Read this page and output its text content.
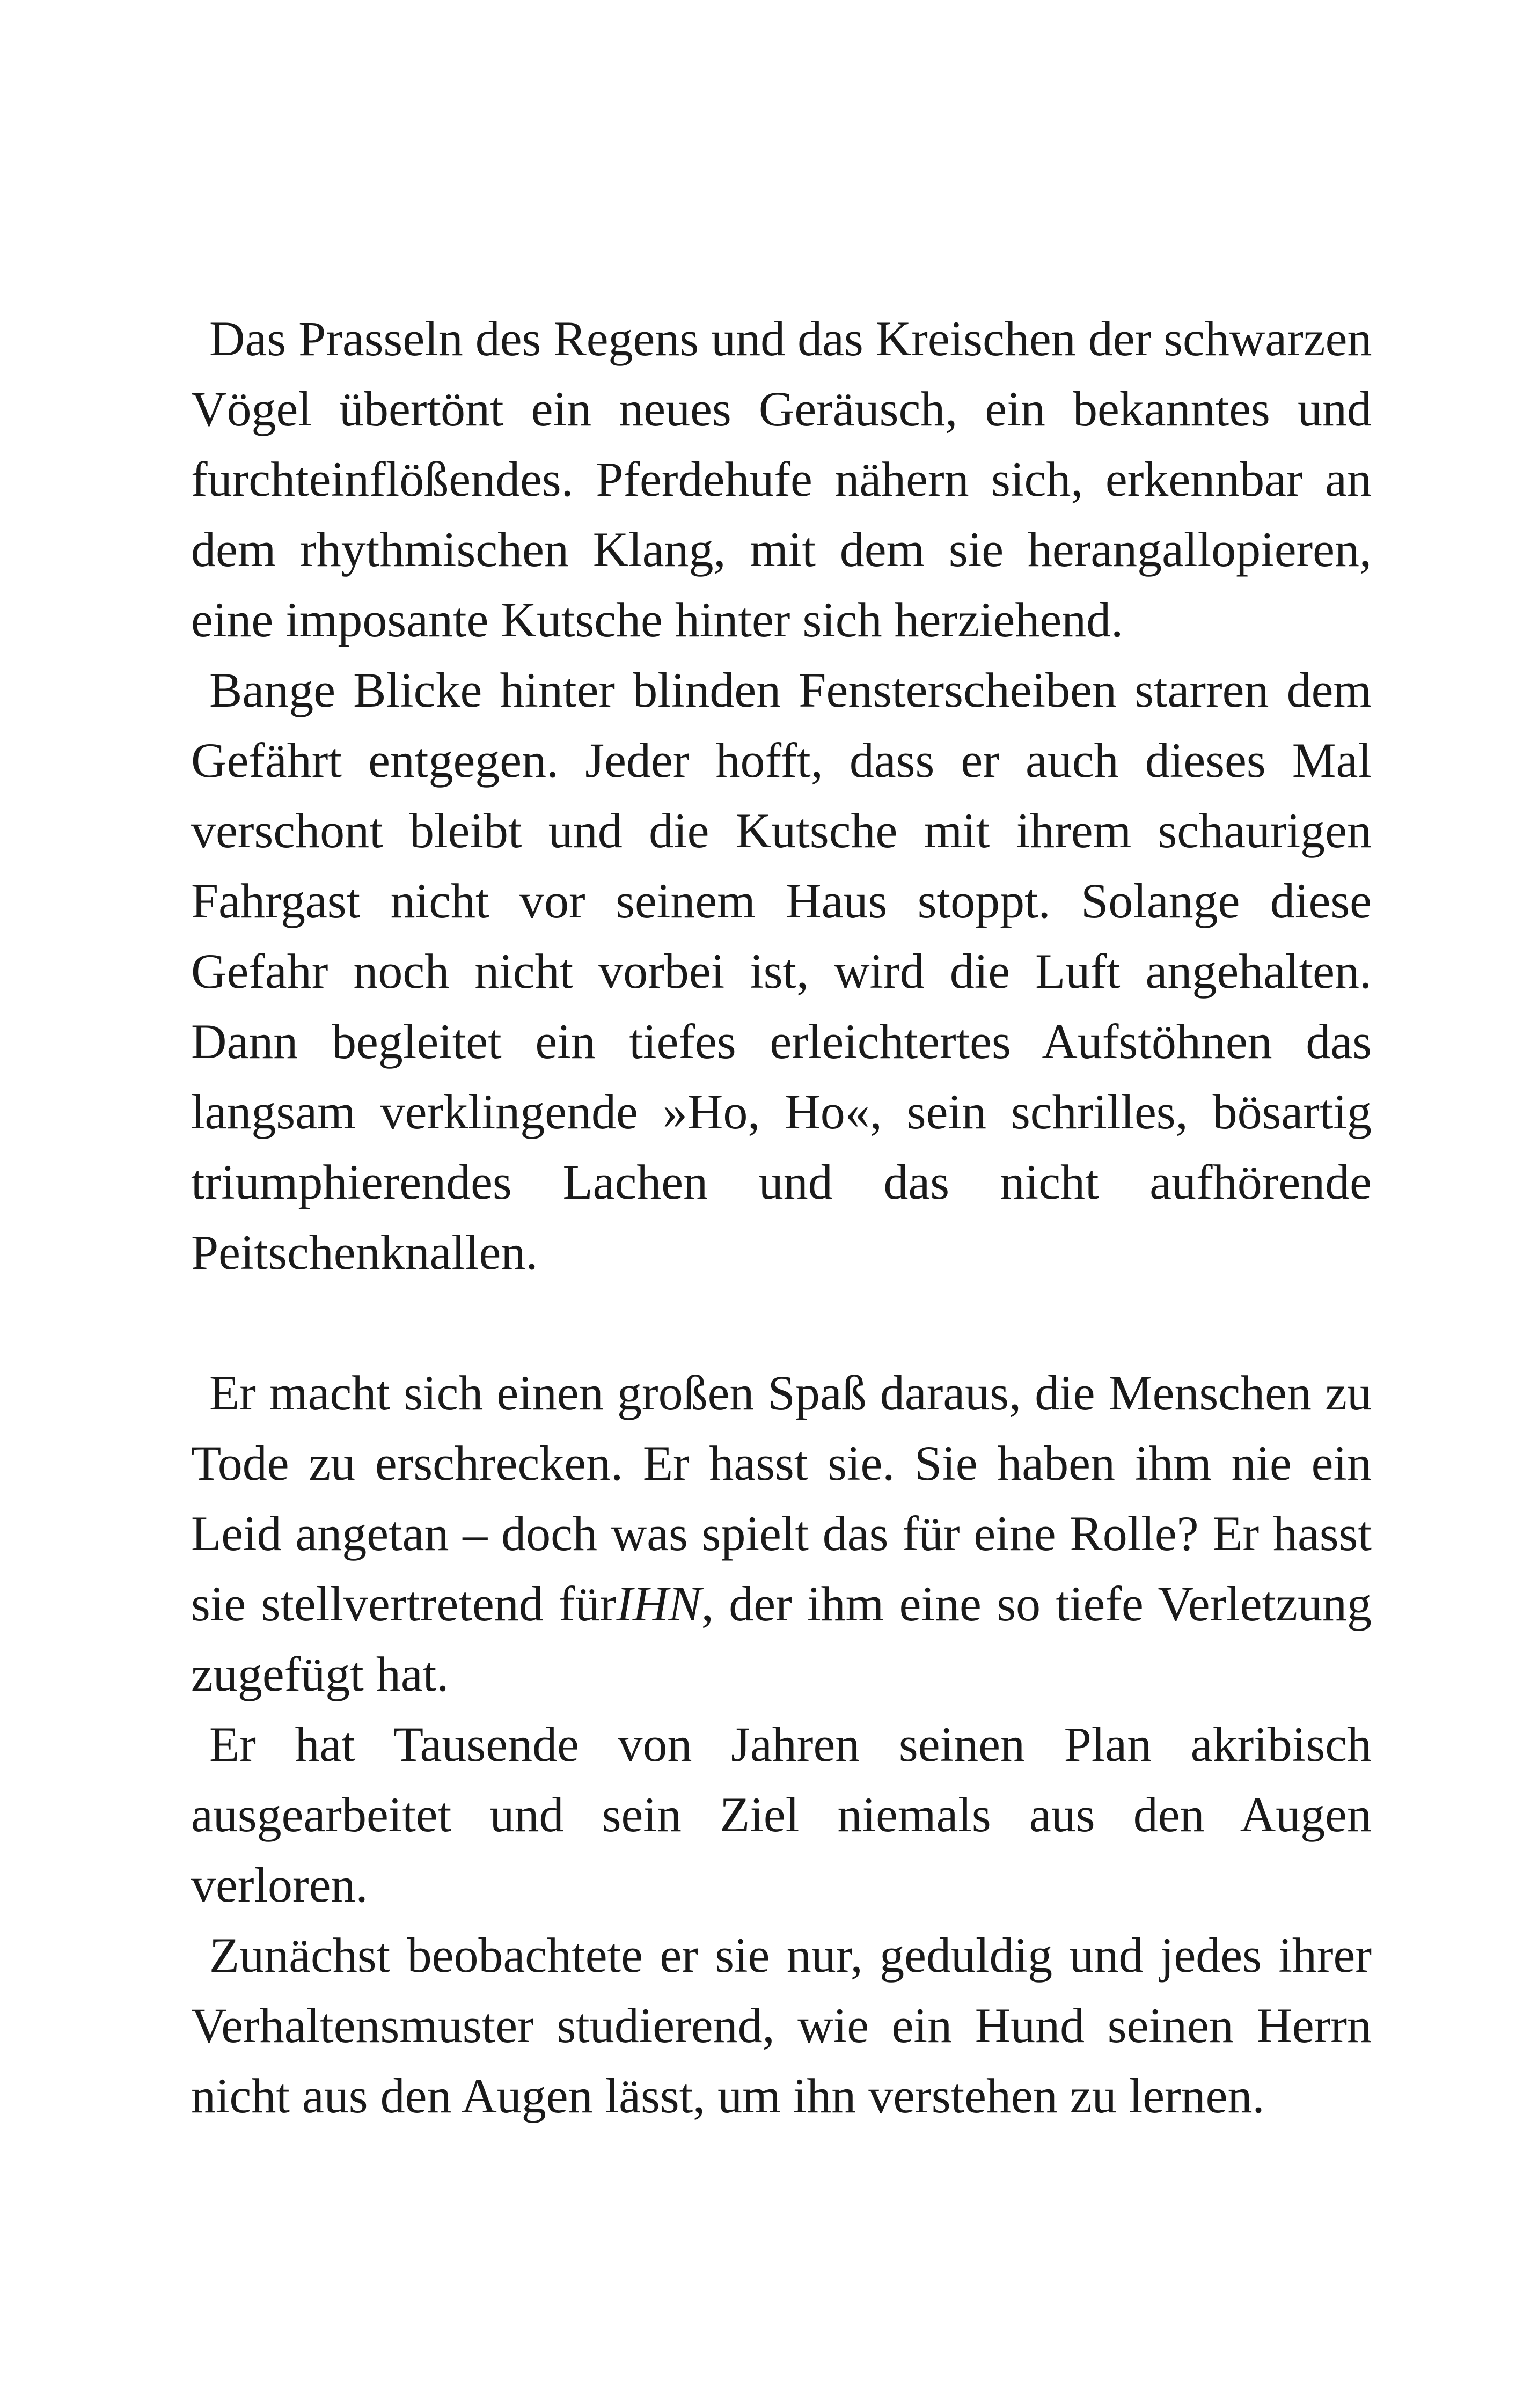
Das Prasseln des Regens und das Kreischen der schwarzen
Vögel übertönt ein neues Geräusch, ein bekanntes und
furchteinflößendes. Pferdehufe nähern sich, erkennbar an
dem rhythmischen Klang, mit dem sie herangallopieren,
eine imposante Kutsche hinter sich herziehend.
Bange Blicke hinter blinden Fensterscheiben starren dem
Gefährt entgegen. Jeder hofft, dass er auch dieses Mal
verschont bleibt und die Kutsche mit ihrem schaurigen
Fahrgast nicht vor seinem Haus stoppt. Solange diese
Gefahr noch nicht vorbei ist, wird die Luft angehalten.
Dann begleitet ein tiefes erleichtertes Aufstöhnen das
langsam verklingende »Ho, Ho«, sein schrilles, bösartig
triumphierendes Lachen und das nicht aufhörende
Peitschenknallen.
Er macht sich einen großen Spaß daraus, die Menschen zu
Tode zu erschrecken. Er hasst sie. Sie haben ihm nie ein
Leid angetan – doch was spielt das für eine Rolle? Er hasst
sie stellvertretend fürIHN, der ihm eine so tiefe Verletzung
zugefügt hat.
Er hat Tausende von Jahren seinen Plan akribisch
ausgearbeitet und sein Ziel niemals aus den Augen
verloren.
Zunächst beobachtete er sie nur, geduldig und jedes ihrer
Verhaltensmuster studierend, wie ein Hund seinen Herrn
nicht aus den Augen lässt, um ihn verstehen zu lernen.
